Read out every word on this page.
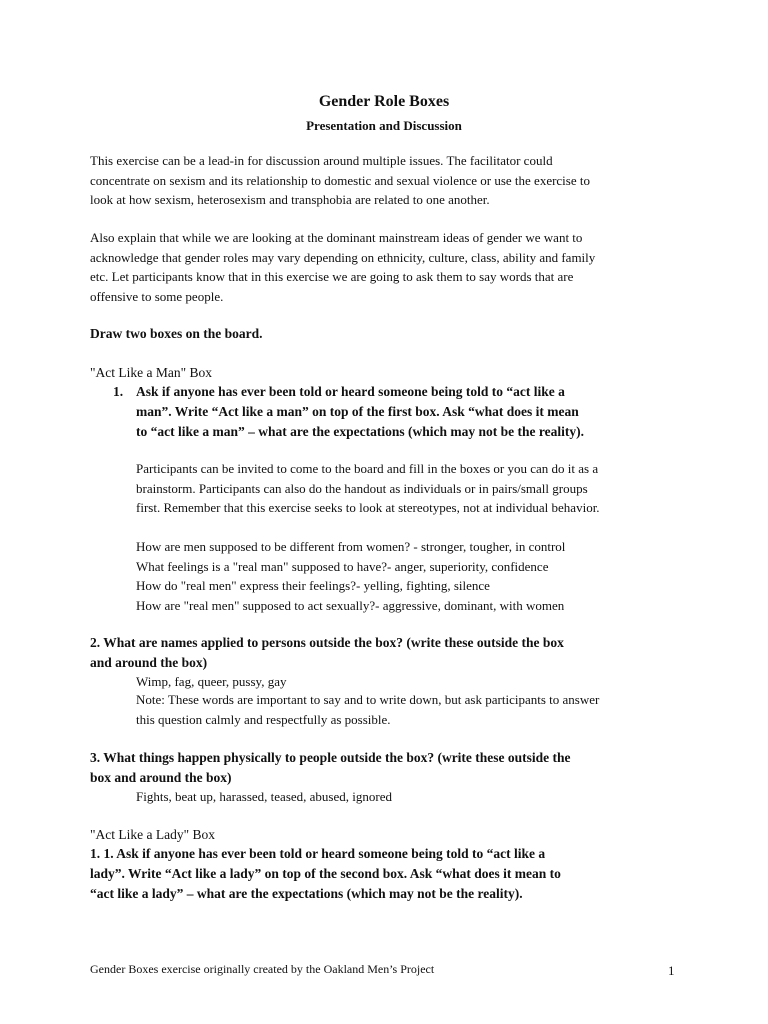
Gender Role Boxes
Presentation and Discussion
This exercise can be a lead-in for discussion around multiple issues. The facilitator could
concentrate on sexism and its relationship to domestic and sexual violence or use the exercise to
look at how sexism, heterosexism and transphobia are related to one another.
Also explain that while we are looking at the dominant mainstream ideas of gender we want to
acknowledge that gender roles may vary depending on ethnicity, culture, class, ability and family
etc. Let participants know that in this exercise we are going to ask them to say words that are
offensive to some people.
Draw two boxes on the board.
"Act Like a Man" Box
1. Ask if anyone has ever been told or heard someone being told to “act like a
man”. Write “Act like a man” on top of the first box. Ask “what does it mean
to “act like a man” – what are the expectations (which may not be the reality).
Participants can be invited to come to the board and fill in the boxes or you can do it as a
brainstorm. Participants can also do the handout as individuals or in pairs/small groups
first. Remember that this exercise seeks to look at stereotypes, not at individual behavior.
How are men supposed to be different from women? - stronger, tougher, in control
What feelings is a "real man" supposed to have?- anger, superiority, confidence
How do "real men" express their feelings?- yelling, fighting, silence
How are "real men" supposed to act sexually?- aggressive, dominant, with women
2. What are names applied to persons outside the box? (write these outside the box
and around the box)
Wimp, fag, queer, pussy, gay
Note: These words are important to say and to write down, but ask participants to answer
this question calmly and respectfully as possible.
3. What things happen physically to people outside the box? (write these outside the
box and around the box)
Fights, beat up, harassed, teased, abused, ignored
"Act Like a Lady" Box
1. 1. Ask if anyone has ever been told or heard someone being told to “act like a
lady”. Write “Act like a lady” on top of the second box. Ask “what does it mean to
“act like a lady” – what are the expectations (which may not be the reality).
Gender Boxes exercise originally created by the Oakland Men’s Project	1
